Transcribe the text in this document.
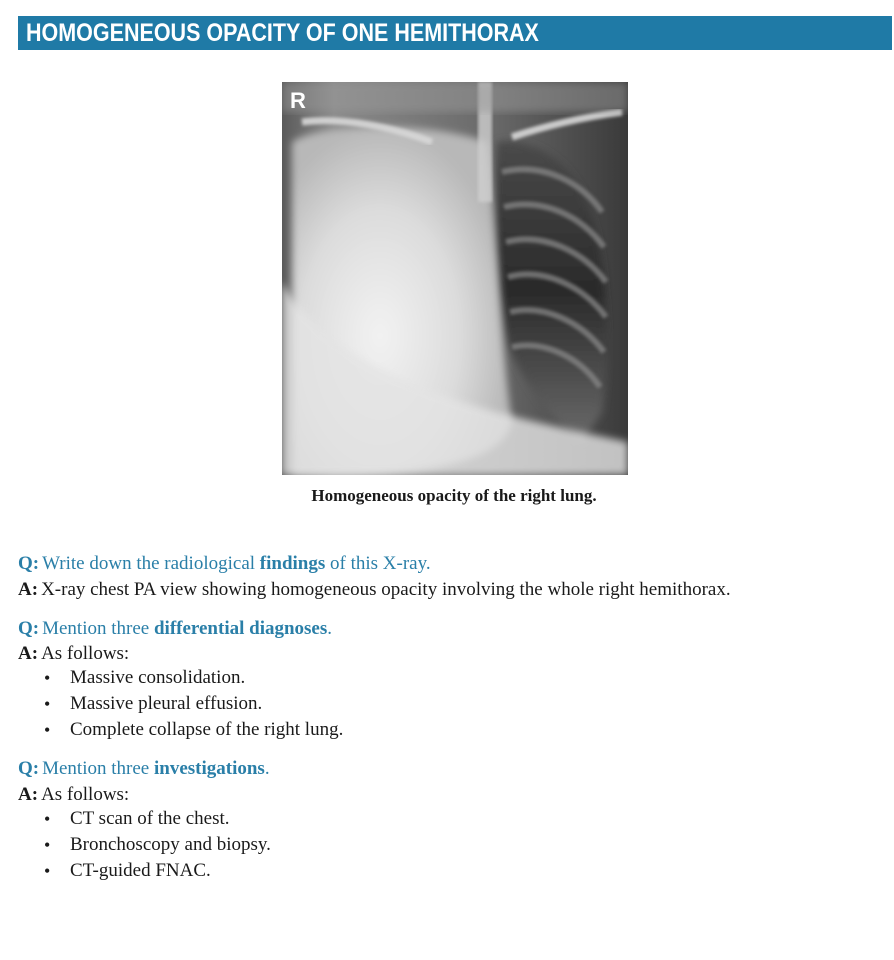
HOMOGENEOUS OPACITY OF ONE HEMITHORAX
R
Homogeneous opacity of the right lung.
Q: Write down the radiological findings of this X-ray.
A: X-ray chest PA view showing homogeneous opacity involving the whole right hemithorax.
Q: Mention three differential diagnoses.
A: As follows:
• Massive consolidation.
• Massive pleural effusion.
• Complete collapse of the right lung.
Q: Mention three investigations.
A: As follows:
• CT scan of the chest.
• Bronchoscopy and biopsy.
• CT-guided FNAC.
